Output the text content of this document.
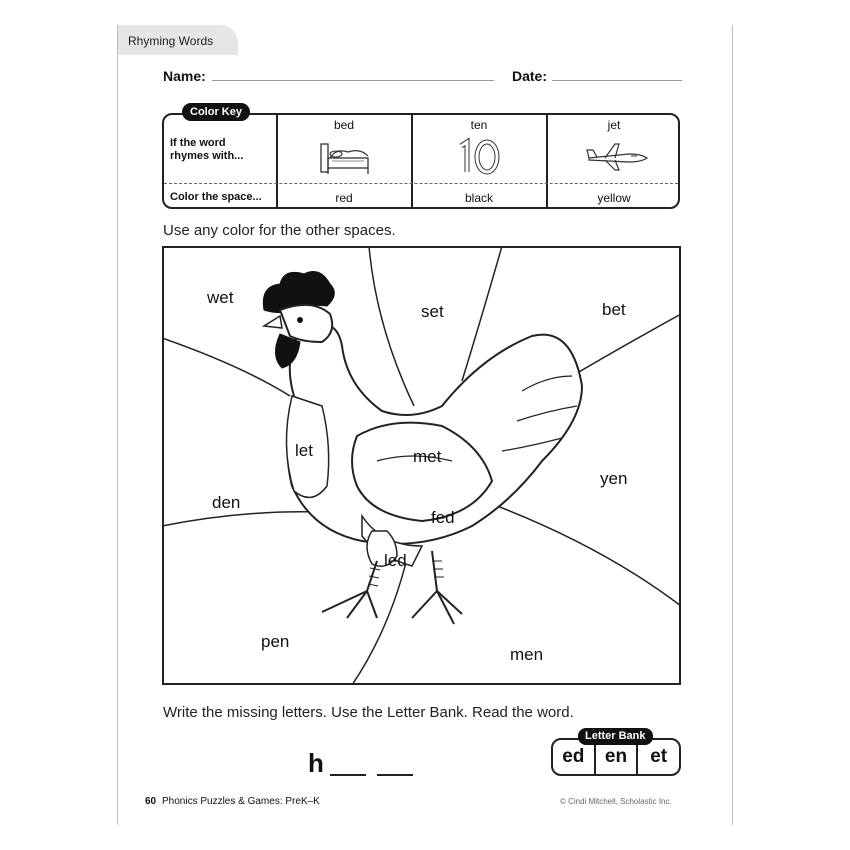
Rhyming Words
Name:	Date:
Color Key
If the word
rhymes with...
Color the space...
bed	ten	jet
red	black	yellow
Use any color for the other spaces.
wet
set	bet
let	met
yen
den
fed
led
pen
men
Write the missing letters. Use the Letter Bank. Read the word.
h	ed	en	et
Letter Bank
60 Phonics Puzzles & Games: PreK–K	© Cindi Mitchell, Scholastic Inc.
